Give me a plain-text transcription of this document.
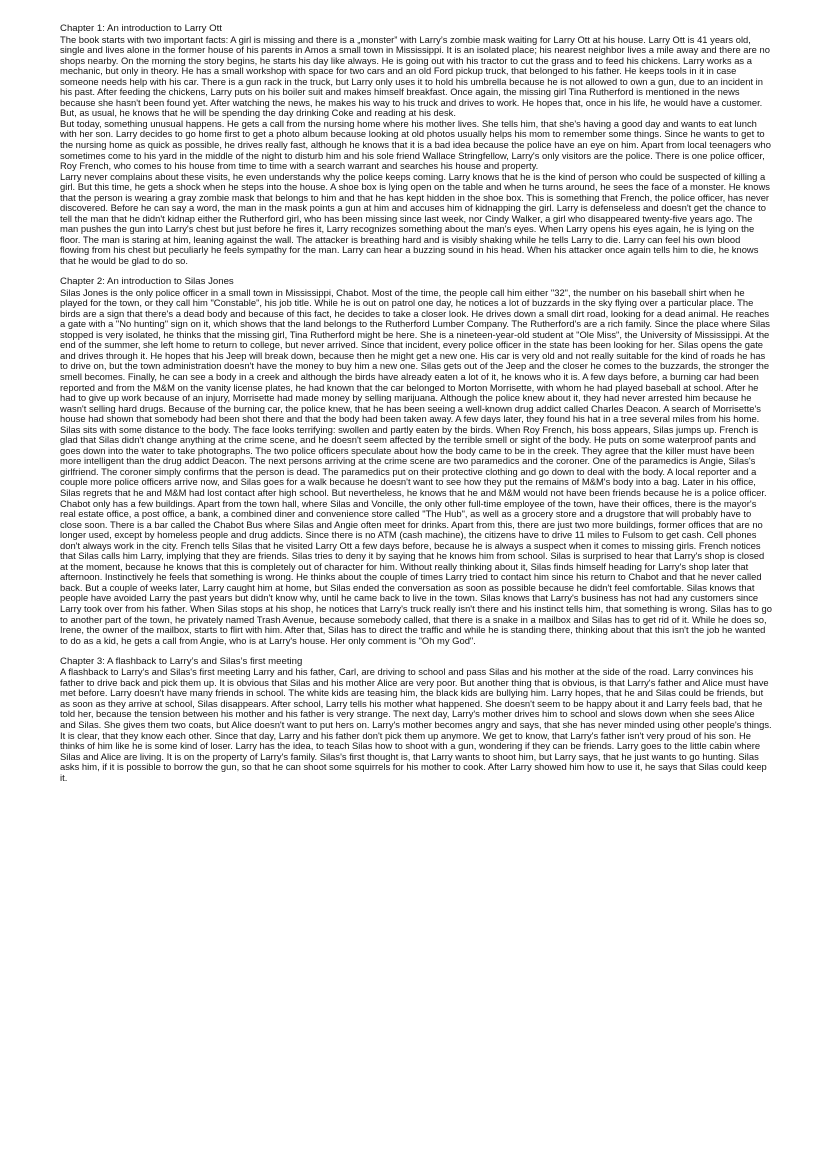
Chapter 1: An introduction to Larry Ott

The book starts with two important facts: A girl is missing and there is a „monster” with Larry’s zombie mask waiting for Larry Ott at his house. Larry Ott is 41 years old, single and lives alone in the former house of his parents in Amos a small town in Mississippi. It is an isolated place; his nearest neighbor lives a mile away and there are no shops nearby. On the morning the story begins, he starts his day like always. He is going out with his tractor to cut the grass and to feed his chickens. Larry works as a mechanic, but only in theory. He has a small workshop with space for two cars and an old Ford pickup truck, that belonged to his father. He keeps tools in it in case someone needs help with his car. There is a gun rack in the truck, but Larry only uses it to hold his umbrella because he is not allowed to own a gun, due to an incident in his past. After feeding the chickens, Larry puts on his boiler suit and makes himself breakfast. Once again, the missing girl Tina Rutherford is mentioned in the news because she hasn't been found yet. After watching the news, he makes his way to his truck and drives to work. He hopes that, once in his life, he would have a customer. But, as usual, he knows that he will be spending the day drinking Coke and reading at his desk.

But today, something unusual happens. He gets a call from the nursing home where his mother lives. She tells him, that she's having a good day and wants to eat lunch with her son. Larry decides to go home first to get a photo album because looking at old photos usually helps his mom to remember some things. Since he wants to get to the nursing home as quick as possible, he drives really fast, although he knows that it is a bad idea because the police have an eye on him. Apart from local teenagers who sometimes come to his yard in the middle of the night to disturb him and his sole friend Wallace Stringfellow, Larry's only visitors are the police. There is one police officer, Roy French, who comes to his house from time to time with a search warrant and searches his house and property.

Larry never complains about these visits, he even understands why the police keeps coming. Larry knows that he is the kind of person who could be suspected of killing a girl. But this time, he gets a shock when he steps into the house. A shoe box is lying open on the table and when he turns around, he sees the face of a monster. He knows that the person is wearing a gray zombie mask that belongs to him and that he has kept hidden in the shoe box. This is something that French, the police officer, has never discovered. Before he can say a word, the man in the mask points a gun at him and accuses him of kidnapping the girl. Larry is defenseless and doesn't get the chance to tell the man that he didn't kidnap either the Rutherford girl, who has been missing since last week, nor Cindy Walker, a girl who disappeared twenty-five years ago. The man pushes the gun into Larry's chest but just before he fires it, Larry recognizes something about the man's eyes. When Larry opens his eyes again, he is lying on the floor. The man is staring at him, leaning against the wall. The attacker is breathing hard and is visibly shaking while he tells Larry to die. Larry can feel his own blood flowing from his chest but peculiarly he feels sympathy for the man. Larry can hear a buzzing sound in his head. When his attacker once again tells him to die, he knows that he would be glad to do so.

Chapter 2: An introduction to Silas Jones

Silas Jones is the only police officer in a small town in Mississippi, Chabot. Most of the time, the people call him either "32", the number on his baseball shirt when he played for the town, or they call him "Constable", his job title. While he is out on patrol one day, he notices a lot of buzzards in the sky flying over a particular place. The birds are a sign that there's a dead body and because of this fact, he decides to take a closer look. He drives down a small dirt road, looking for a dead animal. He reaches a gate with a "No hunting" sign on it, which shows that the land belongs to the Rutherford Lumber Company. The Rutherford's are a rich family. Since the place where Silas stopped is very isolated, he thinks that the missing girl, Tina Rutherford might be here. She is a nineteen-year-old student at "Ole Miss", the University of Mississippi. At the end of the summer, she left home to return to college, but never arrived. Since that incident, every police officer in the state has been looking for her. Silas opens the gate and drives through it. He hopes that his Jeep will break down, because then he might get a new one. His car is very old and not really suitable for the kind of roads he has to drive on, but the town administration doesn't have the money to buy him a new one. Silas gets out of the Jeep and the closer he comes to the buzzards, the stronger the smell becomes. Finally, he can see a body in a creek and although the birds have already eaten a lot of it, he knows who it is. A few days before, a burning car had been reported and from the M&M on the vanity license plates, he had known that the car belonged to Morton Morrisette, with whom he had played baseball at school. After he had to give up work because of an injury, Morrisette had made money by selling marijuana. Although the police knew about it, they had never arrested him because he wasn't selling hard drugs. Because of the burning car, the police knew, that he has been seeing a well-known drug addict called Charles Deacon. A search of Morrisette's house had shown that somebody had been shot there and that the body had been taken away. A few days later, they found his hat in a tree several miles from his home. Silas sits with some distance to the body. The face looks terrifying: swollen and partly eaten by the birds. When Roy French, his boss appears, Silas jumps up. French is glad that Silas didn't change anything at the crime scene, and he doesn't seem affected by the terrible smell or sight of the body. He puts on some waterproof pants and goes down into the water to take photographs. The two police officers speculate about how the body came to be in the creek. They agree that the killer must have been more intelligent than the drug addict Deacon. The next persons arriving at the crime scene are two paramedics and the coroner. One of the paramedics is Angie, Silas's girlfriend. The coroner simply confirms that the person is dead. The paramedics put on their protective clothing and go down to deal with the body. A local reporter and a couple more police officers arrive now, and Silas goes for a walk because he doesn't want to see how they put the remains of M&M's body into a bag. Later in his office, Silas regrets that he and M&M had lost contact after high school. But nevertheless, he knows that he and M&M would not have been friends because he is a police officer. Chabot only has a few buildings. Apart from the town hall, where Silas and Voncille, the only other full-time employee of the town, have their offices, there is the mayor's real estate office, a post office, a bank, a combined diner and convenience store called "The Hub", as well as a grocery store and a drugstore that will probably have to close soon. There is a bar called the Chabot Bus where Silas and Angie often meet for drinks. Apart from this, there are just two more buildings, former offices that are no longer used, except by homeless people and drug addicts. Since there is no ATM (cash machine), the citizens have to drive 11 miles to Fulsom to get cash. Cell phones don't always work in the city. French tells Silas that he visited Larry Ott a few days before, because he is always a suspect when it comes to missing girls. French notices that Silas calls him Larry, implying that they are friends. Silas tries to deny it by saying that he knows him from school. Silas is surprised to hear that Larry's shop is closed at the moment, because he knows that this is completely out of character for him. Without really thinking about it, Silas finds himself heading for Larry's shop later that afternoon. Instinctively he feels that something is wrong. He thinks about the couple of times Larry tried to contact him since his return to Chabot and that he never called back. But a couple of weeks later, Larry caught him at home, but Silas ended the conversation as soon as possible because he didn't feel comfortable. Silas knows that people have avoided Larry the past years but didn't know why, until he came back to live in the town. Silas knows that Larry's business has not had any customers since Larry took over from his father. When Silas stops at his shop, he notices that Larry's truck really isn't there and his instinct tells him, that something is wrong. Silas has to go to another part of the town, he privately named Trash Avenue, because somebody called, that there is a snake in a mailbox and Silas has to get rid of it. While he does so, Irene, the owner of the mailbox, starts to flirt with him. After that, Silas has to direct the traffic and while he is standing there, thinking about that this isn't the job he wanted to do as a kid, he gets a call from Angie, who is at Larry's house. Her only comment is "Oh my God".

Chapter 3: A flashback to Larry’s and Silas’s first meeting

A flashback to Larry's and Silas's first meeting Larry and his father, Carl, are driving to school and pass Silas and his mother at the side of the road. Larry convinces his father to drive back and pick them up. It is obvious that Silas and his mother Alice are very poor. But another thing that is obvious, is that Larry's father and Alice must have met before. Larry doesn't have many friends in school. The white kids are teasing him, the black kids are bullying him. Larry hopes, that he and Silas could be friends, but as soon as they arrive at school, Silas disappears. After school, Larry tells his mother what happened. She doesn't seem to be happy about it and Larry feels bad, that he told her, because the tension between his mother and his father is very strange. The next day, Larry's mother drives him to school and slows down when she sees Alice and Silas. She gives them two coats, but Alice doesn't want to put hers on. Larry's mother becomes angry and says, that she has never minded using other people's things. It is clear, that they know each other. Since that day, Larry and his father don't pick them up anymore. We get to know, that Larry's father isn't very proud of his son. He thinks of him like he is some kind of loser. Larry has the idea, to teach Silas how to shoot with a gun, wondering if they can be friends. Larry goes to the little cabin where Silas and Alice are living. It is on the property of Larry's family. Silas's first thought is, that Larry wants to shoot him, but Larry says, that he just wants to go hunting. Silas asks him, if it is possible to borrow the gun, so that he can shoot some squirrels for his mother to cook. After Larry showed him how to use it, he says that Silas could keep it.
